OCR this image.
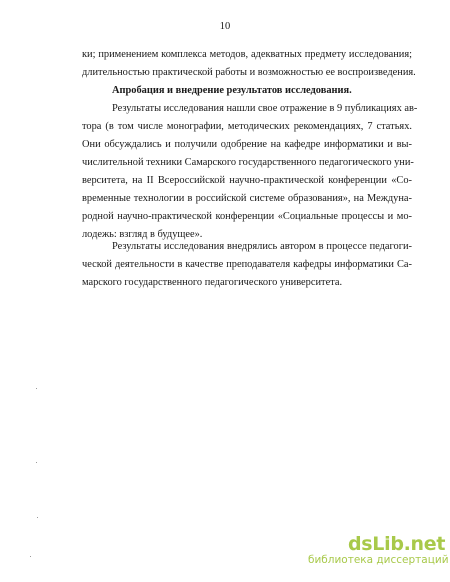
10
ки; применением комплекса методов, адекватных предмету исследования;
длительностью практической работы и возможностью ее воспроизведения.
Апробация и внедрение результатов исследования.
Результаты исследования нашли свое отражение в 9 публикациях ав-
тора (в том числе монографии, методических рекомендациях, 7 статьях.
Они обсуждались и получили одобрение на кафедре информатики и вы-
числительной техники Самарского государственного педагогического уни-
верситета, на II Всероссийской научно-практической конференции «Со-
временные технологии в российской системе образования», на Междуна-
родной научно-практической конференции «Социальные процессы и мо-
лодежь: взгляд в будущее».
Результаты исследования внедрялись автором в процессе педагоги-
ческой деятельности в качестве преподавателя кафедры информатики Са-
марского государственного педагогического университета.
dsLib.net
библиотека диссертаций
